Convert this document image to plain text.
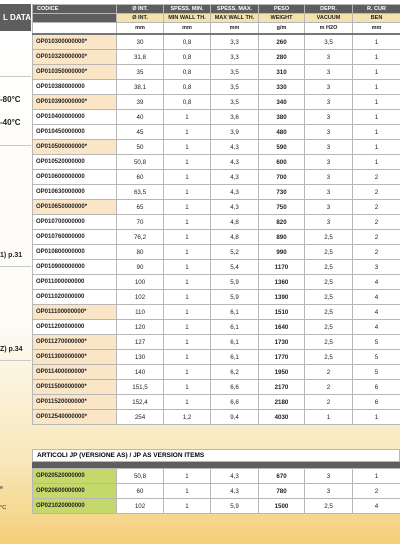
L DATA
-80°C
-40°C
1) p.31
Z) p.34
e
°C
CODICE	Ø INT.	SPESS. MIN.	SPESS. MAX.	PESO	DEPR.	R. CUR
	Ø INT.	MIN WALL TH.	MAX WALL TH.	WEIGHT	VACUUM	BEN
	mm	mm	mm	g/m	m H2O	mm
OP010300000000*	30	0,8	3,3	260	3,5	1
OP010320000000*	31,8	0,8	3,3	280	3	1
OP010350000000*	35	0,8	3,5	310	3	1
OP010380000000	38,1	0,8	3,5	330	3	1
OP010390000000*	39	0,8	3,5	340	3	1
OP010400000000	40	1	3,6	380	3	1
OP010450000000	45	1	3,9	480	3	1
OP010500000000*	50	1	4,3	590	3	1
OP010520000000	50,8	1	4,3	600	3	1
OP010600000000	60	1	4,3	700	3	2
OP010630000000	63,5	1	4,3	730	3	2
OP010650000000*	65	1	4,3	750	3	2
OP010700000000	70	1	4,8	820	3	2
OP010760000000	76,2	1	4,8	890	2,5	2
OP010800000000	80	1	5,2	990	2,5	2
OP010900000000	90	1	5,4	1170	2,5	3
OP011000000000	100	1	5,9	1360	2,5	4
OP011020000000	102	1	5,9	1390	2,5	4
OP011100000000*	110	1	6,1	1510	2,5	4
OP011200000000	120	1	6,1	1640	2,5	4
OP011270000000*	127	1	6,1	1730	2,5	5
OP011300000000*	130	1	6,1	1770	2,5	5
OP011400000000*	140	1	6,2	1950	2	5
OP011500000000*	151,5	1	6,6	2170	2	6
OP011520000000*	152,4	1	6,6	2180	2	6
OP012540000000*	254	1,2	9,4	4030	1	1
ARTICOLI JP (VERSIONE AS) / JP AS VERSION ITEMS
OP020520000000	50,8	1	4,3	670	3	1
OP020600000000	60	1	4,3	780	3	2
OP021020000000	102	1	5,9	1500	2,5	4
